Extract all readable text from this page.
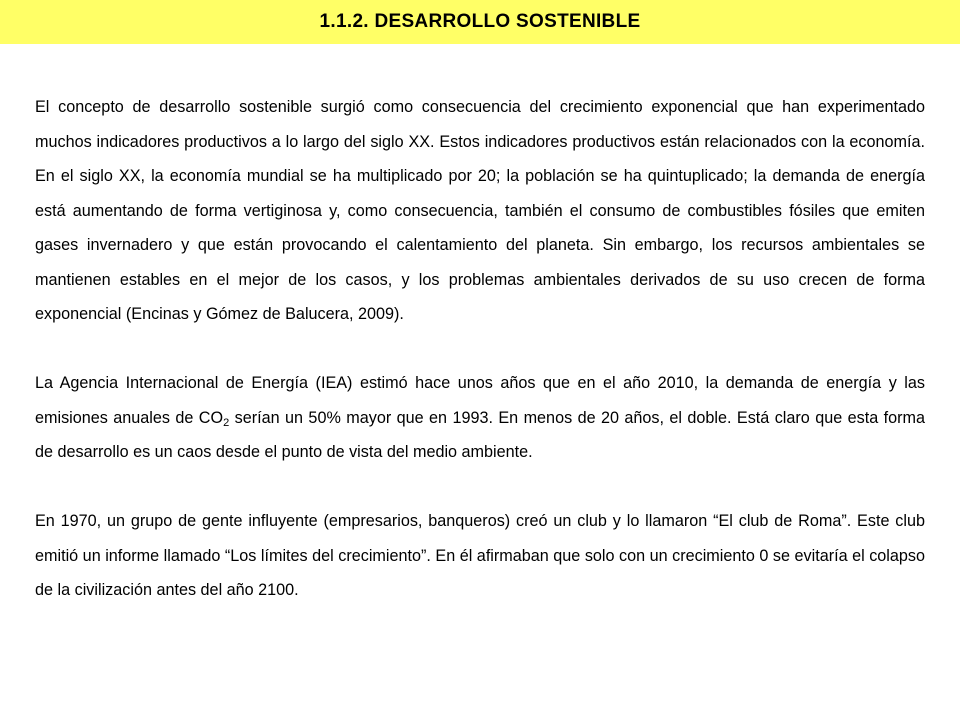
1.1.2. DESARROLLO SOSTENIBLE

El concepto de desarrollo sostenible surgió como consecuencia del crecimiento exponencial que han experimentado muchos indicadores productivos a lo largo del siglo XX. Estos indicadores productivos están relacionados con la economía. En el siglo XX, la economía mundial se ha multiplicado por 20; la población se ha quintuplicado; la demanda de energía está aumentando de forma vertiginosa y, como consecuencia, también el consumo de combustibles fósiles que emiten gases invernadero y que están provocando el calentamiento del planeta. Sin embargo, los recursos ambientales se mantienen estables en el mejor de los casos, y los problemas ambientales derivados de su uso crecen de forma exponencial (Encinas y Gómez de Balucera, 2009).

La Agencia Internacional de Energía (IEA) estimó hace unos años que en el año 2010, la demanda de energía y las emisiones anuales de $CO_2$ serían un 50% mayor que en 1993. En menos de 20 años, el doble. Está claro que esta forma de desarrollo es un caos desde el punto de vista del medio ambiente.

En 1970, un grupo de gente influyente (empresarios, banqueros) creó un club y lo llamaron “El club de Roma”. Este club emitió un informe llamado “Los límites del crecimiento”. En él afirmaban que solo con un crecimiento 0 se evitaría el colapso de la civilización antes del año 2100.
